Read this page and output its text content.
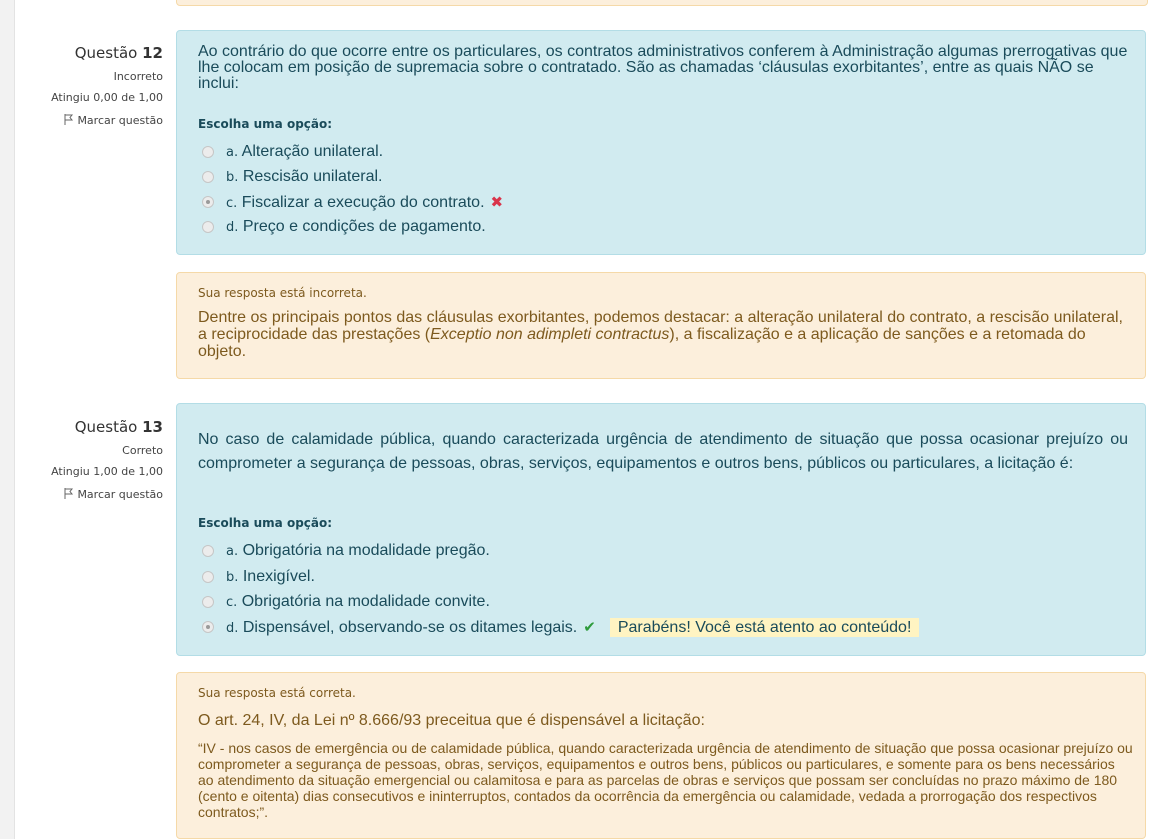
Questão 12
Incorreto
Atingiu 0,00 de 1,00
Marcar questão
Ao contrário do que ocorre entre os particulares, os contratos administrativos conferem à Administração algumas prerrogativas que lhe colocam em posição de supremacia sobre o contratado. São as chamadas ‘cláusulas exorbitantes’, entre as quais NÃO se inclui:
Escolha uma opção:
a. Alteração unilateral.
b. Rescisão unilateral.
c. Fiscalizar a execução do contrato. ✖
d. Preço e condições de pagamento.
Sua resposta está incorreta.
Dentre os principais pontos das cláusulas exorbitantes, podemos destacar: a alteração unilateral do contrato, a rescisão unilateral, a reciprocidade das prestações (Exceptio non adimpleti contractus), a fiscalização e a aplicação de sanções e a retomada do objeto.
Questão 13
Correto
Atingiu 1,00 de 1,00
Marcar questão
No caso de calamidade pública, quando caracterizada urgência de atendimento de situação que possa ocasionar prejuízo ou comprometer a segurança de pessoas, obras, serviços, equipamentos e outros bens, públicos ou particulares, a licitação é:
Escolha uma opção:
a. Obrigatória na modalidade pregão.
b. Inexigível.
c. Obrigatória na modalidade convite.
d. Dispensável, observando-se os ditames legais. ✔ Parabéns! Você está atento ao conteúdo!
Sua resposta está correta.
O art. 24, IV, da Lei nº 8.666/93 preceitua que é dispensável a licitação:
“IV - nos casos de emergência ou de calamidade pública, quando caracterizada urgência de atendimento de situação que possa ocasionar prejuízo ou comprometer a segurança de pessoas, obras, serviços, equipamentos e outros bens, públicos ou particulares, e somente para os bens necessários ao atendimento da situação emergencial ou calamitosa e para as parcelas de obras e serviços que possam ser concluídas no prazo máximo de 180 (cento e oitenta) dias consecutivos e ininterruptos, contados da ocorrência da emergência ou calamidade, vedada a prorrogação dos respectivos contratos;”.
